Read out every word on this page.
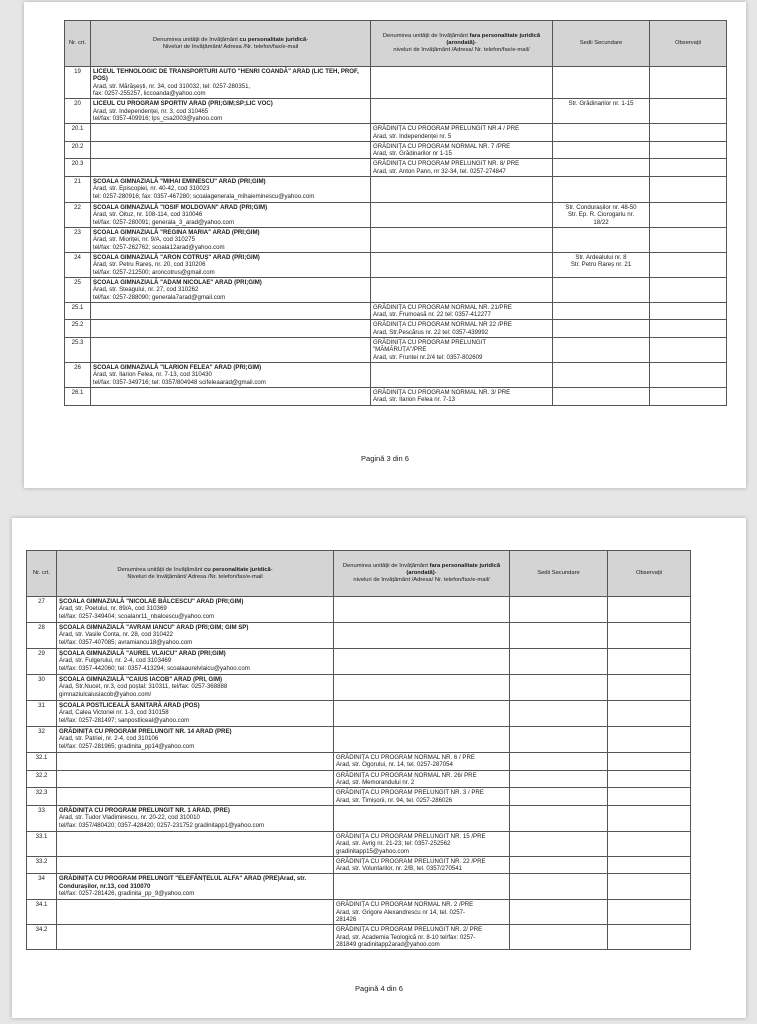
Nr. crt.	Denumirea unității de învățământ cu personalitate juridică-
Niveluri de învățământ/ Adresa /Nr. telefon/fax/e-mail	Denumirea unității de învățământ fara personalitate juridică (arondată)-
niveluri de învățământ /Adresa/ Nr. telefon/fax/e-mail/	Sedii Secundare	Observații
19	LICEUL TEHNOLOGIC DE TRANSPORTURI AUTO "HENRI COANDĂ" ARAD (LIC TEH, PROF, POS)
Arad, str. Mărășești, nr. 34, cod 310032, tel: 0257-280351,
fax: 0257-255257, liccoanda@yahoo.com			

20	LICEUL CU PROGRAM SPORTIV ARAD (PRI;GIM;SP;LIC VOC)
Arad, str. Independenței, nr. 3, cod 310465
tel/fax: 0357-409916; lps_csa2003@yahoo.com		Str. Grădinarilor nr. 1-15	

20.1		GRĂDINIȚA CU PROGRAM PRELUNGIT NR.4 / PRE
Arad, str. Independenței nr. 5		

20.2		GRĂDINIȚA CU PROGRAM NORMAL NR. 7 /PRE
Arad, str. Grădinarilor nr 1-15		

20.3		GRĂDINIȚA CU PROGRAM PRELUNGIT NR. 8/ PRE
Arad, str. Anton Pann, nr 32-34, tel. 0257-274847		

21	ȘCOALA GIMNAZIALĂ "MIHAI EMINESCU" ARAD (PRI;GIM)
Arad, str. Episcopiei, nr. 40-42, cod 310023
tel: 0257-280916; fax: 0357-467280; scoalagenerala_mihaieminescu@yahoo.com			

22	ȘCOALA GIMNAZIALĂ "IOSIF MOLDOVAN" ARAD (PRI;GIM)
Arad, str. Oituz, nr. 108-114, cod 310046
tel/fax: 0257-280091; generala_3_arad@yahoo.com		Str. Condurașilor nr. 48-50
Str. Ep. R. Ciorogariu nr.
18/22	

23	ȘCOALA GIMNAZIALĂ "REGINA MARIA" ARAD (PRI;GIM)
Arad, str. Mioriței, nr. 9/A, cod 310275
tel/fax: 0257-262762; scoala12arad@yahoo.com			

24	ȘCOALA GIMNAZIALĂ "ARON COTRUȘ" ARAD (PRI;GIM)
Arad, str. Petru Rareș, nr. 20, cod 310206
tel/fax: 0257-212500; aroncotrus@gmail.com		Str. Ardealului nr. 8
Str. Petru Rareș nr. 21	

25	ȘCOALA GIMNAZIALĂ "ADAM NICOLAE" ARAD (PRI;GIM)
Arad, str. Steagului, nr. 27, cod 310262
tel/fax: 0257-288090; generala7arad@gmail.com			

25.1		GRĂDINIȚA CU PROGRAM NORMAL NR. 21/PRE
Arad, str. Frumoasă nr. 22 tel: 0357-412277		

25.2		GRĂDINIȚA CU PROGRAM NORMAL NR 22 /PRE
Arad, Str.Pescărus nr. 22 tel: 0357-439992		

25.3		GRĂDINIȚA CU PROGRAM PRELUNGIT
"MĂMĂRUȚA"/PRE
Arad, str. Fruntei nr.2/4 tel: 0357-802609		

26	ȘCOALA GIMNAZIALĂ "ILARION FELEA" ARAD (PRI;GIM)
Arad, str. Ilarion Felea, nr. 7-13, cod 310430
tel/fax: 0357-349716; tel: 0357/804948 scifeleaarad@gmail.com			

26.1		GRĂDINIȚA CU PROGRAM NORMAL NR. 3/ PRE
Arad, str. Ilarion Felea nr. 7-13		

Pagină 3 din 6
Nr. crt.	Denumirea unității de învățământ cu personalitate juridică-
Niveluri de învățământ/ Adresa /Nr. telefon/fax/e-mail	Denumirea unității de învățământ fara personalitate juridică (arondată)-
niveluri de învățământ /Adresa/ Nr. telefon/fax/e-mail/	Sedii Secundare	Observații
27	ȘCOALA GIMNAZIALĂ "NICOLAE BĂLCESCU" ARAD (PRI;GIM)
Arad, str. Poetului, nr. 89/A, cod 310369
tel/fax: 0257-349404; scoalanr11_nbalcescu@yahoo.com			

28	ȘCOALA GIMNAZIALĂ "AVRAM IANCU" ARAD (PRI;GIM; GIM SP)
Arad, str. Vasile Conta, nr. 28, cod 310422
tel/fax: 0357-407085; avramiancu18@yahoo.com			

29	ȘCOALA GIMNAZIALĂ "AUREL VLAICU" ARAD (PRI;GIM)
Arad, str. Fulgerului, nr. 2-4, cod 3103469
tel/fax: 0357-442060; tel: 0357-413294; scoalaaurelvlaicu@yahoo.com			

30	ȘCOALA GIMNAZIALĂ "CAIUS IACOB" ARAD (PRI, GIM)
Arad, Str.Nucet, nr.3, cod poștal: 310311, tel/fax: 0257-368888
gimnaziulcaiusiacob@yahoo.com/			

31	ȘCOALA POSTLICEALĂ SANITARĂ ARAD (POS)
Arad, Calea Victoriei nr. 1-3, cod 310158
tel/fax: 0257-281497; sanpostliceal@yahoo.com			

32	GRĂDINIȚA CU PROGRAM PRELUNGIT NR. 14 ARAD (PRE)
Arad, str. Patriei, nr. 2-4, cod 310106
tel/fax: 0257-281965; gradinita_pp14@yahoo.com			

32.1		GRĂDINIȚA CU PROGRAM NORMAL NR. 6 / PRE
Arad, str. Ogorului, nr. 14, tel. 0257-287054		

32.2		GRĂDINIȚA CU PROGRAM NORMAL NR. 26/ PRE
Arad, str. Memorandului nr. 2		

32.3		GRĂDINIȚA CU PROGRAM PRELUNGIT NR. 3 / PRE
Arad, str. Timișorii, nr. 94, tel. 0257-286026		

33	GRĂDINIȚA CU PROGRAM PRELUNGIT NR. 1 ARAD, (PRE)
Arad, str. Tudor Vladimirescu, nr. 20-22, cod 310010
tel/fax: 0357/480420; 0357-428420; 0257-231752 gradinitapp1@yahoo.com			

33.1		GRĂDINIȚA CU PROGRAM PRELUNGIT NR. 15 /PRE
Arad, str. Avrig nr. 21-23; tel: 0357-252562
gradinitapp15@yahoo.com		

33.2		GRĂDINIȚA CU PROGRAM PRELUNGIT NR. 22 /PRE
Arad, str. Voluntarilor, nr. 2/B, tel. 0357/270541		

34	GRĂDINIȚA CU PROGRAM PRELUNGIT "ELEFĂNȚELUL ALFA" ARAD (PRE)Arad, str. Condurașilor, nr.13, cod 310070
tel/fax: 0257-281426, gradinita_pp_9@yahoo.com			

34.1		GRĂDINIȚA CU PROGRAM NORMAL NR. 2 /PRE
Arad, str. Grigore Alexandrescu nr 14, tel. 0257-
281426		

34.2		GRĂDINIȚA CU PROGRAM PRELUNGIT NR. 2/ PRE
Arad, str. Academia Teologică nr. 8-10 tel/fax: 0257-
281849 gradinitapp2arad@yahoo.com		

Pagină 4 din 6
